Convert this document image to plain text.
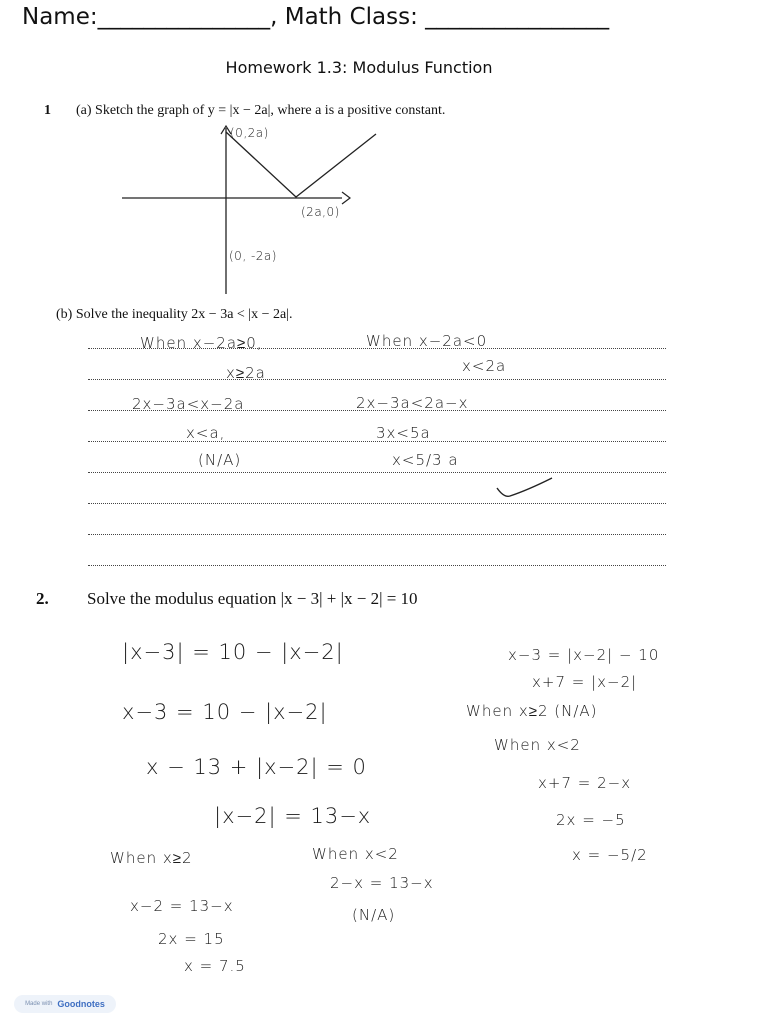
Name:_______________, Math Class: ________________
Homework 1.3: Modulus Function
1 (a) Sketch the graph of y = |x − 2a|, where a is a positive constant.
(0,2a)
(2a,0)
(0, -2a)
(b) Solve the inequality 2x − 3a < |x − 2a|.
When x−2a≥0,
x≥2a
2x−3a<x−2a
x<a,
(N/A)
When x−2a<0
x<2a
2x−3a<2a−x
3x<5a
x<5/3 a
2. Solve the modulus equation |x − 3| + |x − 2| = 10
|x−3| = 10 − |x−2|
x−3 = 10 − |x−2|
x − 13 + |x−2| = 0
|x−2| = 13−x
When x≥2
x−2 = 13−x
2x = 15
x = 7.5
When x<2
2−x = 13−x
(N/A)
x−3 = |x−2| − 10
x+7 = |x−2|
When x≥2 (N/A)
When x<2
x+7 = 2−x
2x = −5
x = −5/2
Made with Goodnotes
